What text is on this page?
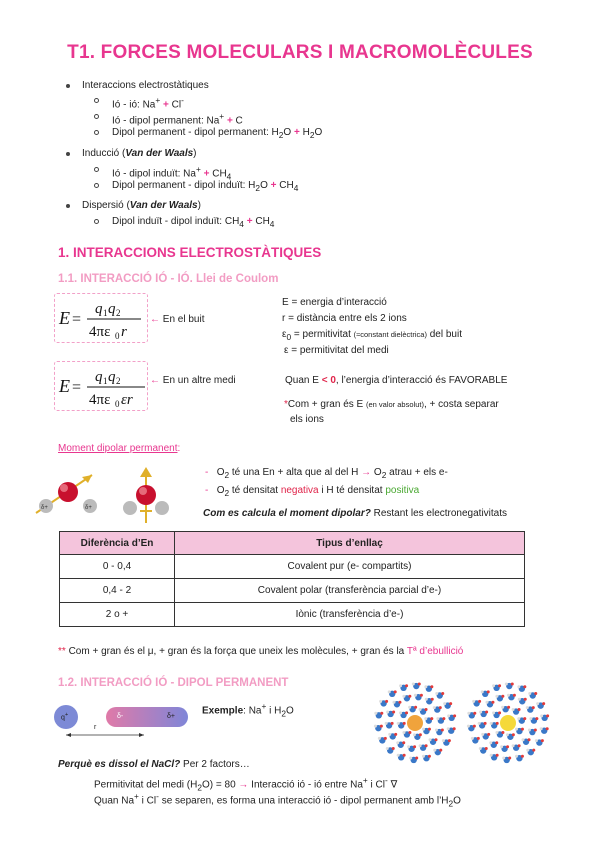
T1. FORCES MOLECULARS I MACROMOLÈCULES
Interaccions electrostàtiques
Ió - ió: Na+ + Cl-
Ió - dipol permanent: Na+ + C
Dipol permanent - dipol permanent: $H_2O + H_2O$
Inducció (Van der Waals)
Ió - dipol induït: $Na^+ + CH_4$
Dipol permanent - dipol induït: $H_2O + CH_4$
Dispersió (Van der Waals)
Dipol induït - dipol induït: $CH_4 + CH_4$
1. INTERACCIONS ELECTROSTÀTIQUES
1.1. INTERACCIÓ IÓ - IÓ. Llei de Coulom
E =
q 1 q 2
4πε 0 r
← En el buit
E =
q 1 q 2
4πε 0 εr
← En un altre medi
E = energia d’interacció
r = distància entre els 2 ions
$\varepsilon_0$ = permitivitat (≈constant dielèctrica) del buit
ε = permitivitat del medi
Quan E < 0, l’energia d’interacció és FAVORABLE
*Com + gran és E (en valor absolut), + costa separar
els ions
Moment dipolar permanent:
δ+	δ+
- $O_2$ té una En + alta que al del $H \to O_2$ atrau + els e-
- $O_2$ té densitat negativa i H té densitat positiva
Com es calcula el moment dipolar? Restant les electronegativitats
Diferència d’En	Tipus d’enllaç
0 - 0,4	Covalent pur (e- compartits)
0,4 - 2	Covalent polar (transferència parcial d’e-)
2 o +	Iònic (transferència d’e-)
** Com + gran és el μ, + gran és la força que uneix les molècules, + gran és la Tª d’ebullició
1.2. INTERACCIÓ IÓ - DIPOL PERMANENT
q+	δ-	δ+
r
Exemple: Na+ i $H_2O$
Perquè es dissol el NaCl? Per 2 factors…
Permitivitat del medi $(H_2O) = 80$ → Interacció ió - ió entre Na+ i Cl- ∇
Quan Na+ i Cl- se separen, es forma una interacció ió - dipol permanent amb $l’H_2O$
